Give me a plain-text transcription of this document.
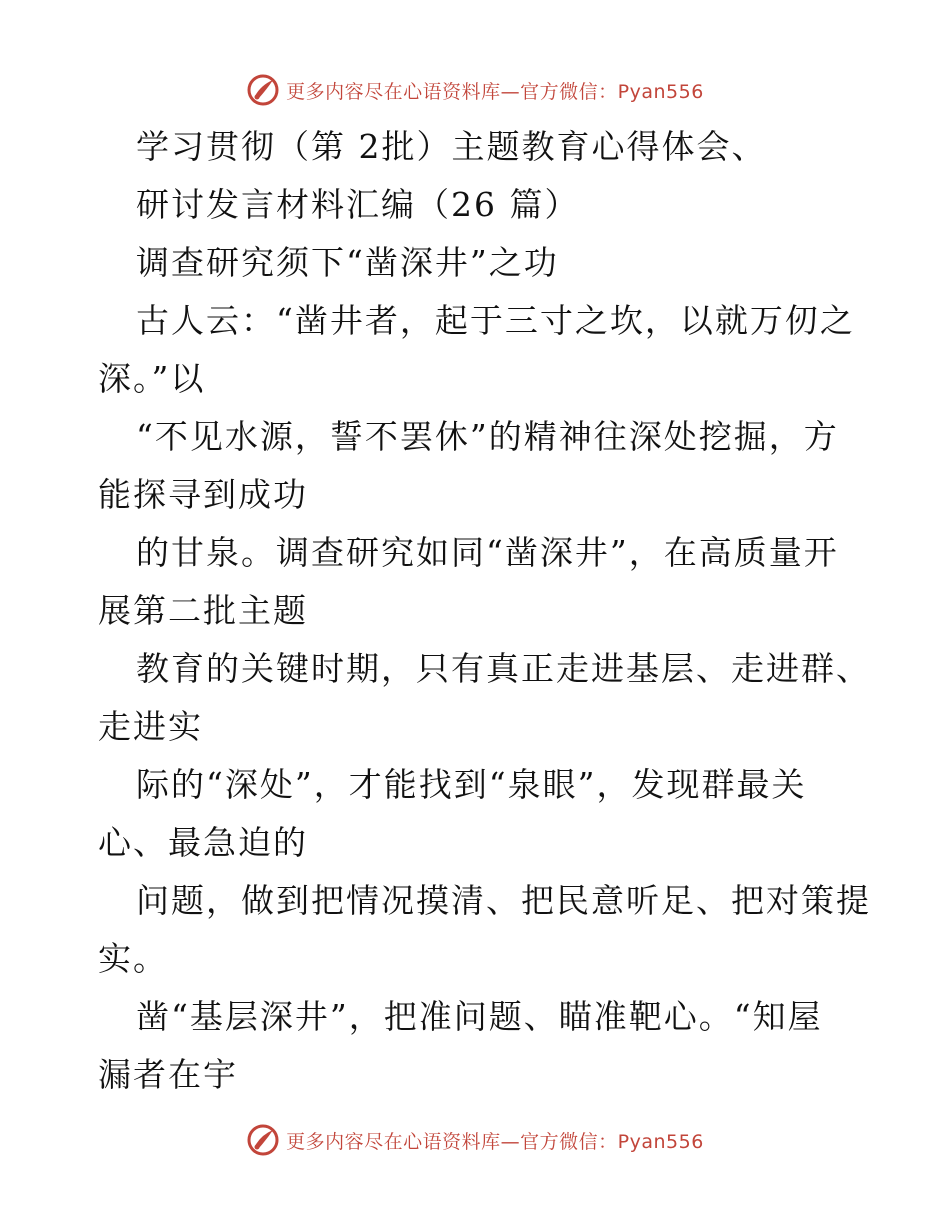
更多内容尽在心语资料库—官方微信：Pyan556
学习贯彻（第 2批）主题教育心得体会、
研讨发言材料汇编（26 篇）
调查研究须下“凿深井”之功
古人云：“凿井者，起于三寸之坎，以就万仞之
深。”以
“不见水源，誓不罢休”的精神往深处挖掘，方
能探寻到成功
的甘泉。调查研究如同“凿深井”，在高质量开
展第二批主题
教育的关键时期，只有真正走进基层、走进群、
走进实
际的“深处”，才能找到“泉眼”，发现群最关
心、最急迫的
问题，做到把情况摸清、把民意听足、把对策提
实。
凿“基层深井”，把准问题、瞄准靶心。“知屋
漏者在宇
更多内容尽在心语资料库—官方微信：Pyan556
